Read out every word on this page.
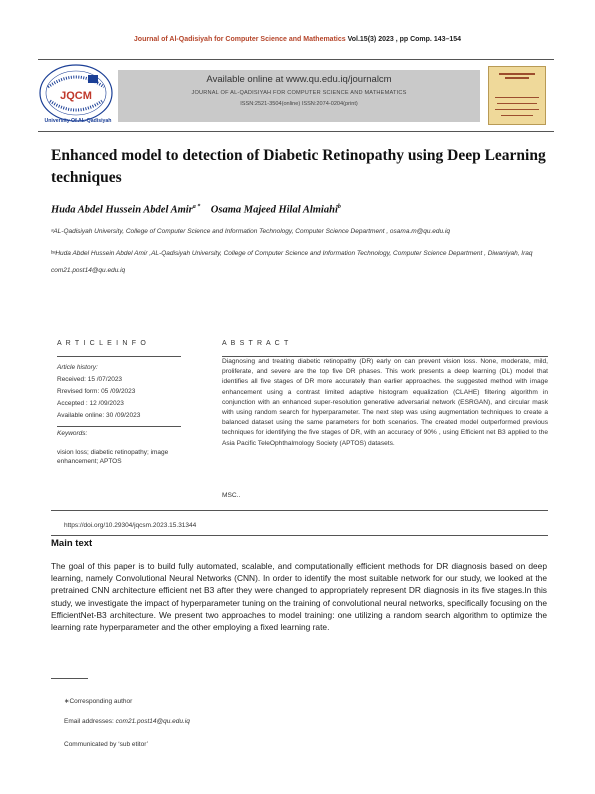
Journal of Al-Qadisiyah for Computer Science and Mathematics Vol.15(3) 2023 , pp Comp. 143–154
JQCM
University Of AL-Qadisiyah
Available online at www.qu.edu.iq/journalcm
JOURNAL OF AL-QADISIYAH FOR COMPUTER SCIENCE AND MATHEMATICS
ISSN:2521-3504(online) ISSN:2074-0204(print)
Enhanced model to detection of Diabetic Retinopathy using Deep Learning techniques
Huda Abdel Hussein Abdel Amir$^{a *}$ Osama Majeed Hilal Almiahi$^b$
ᵃAL-Qadisiyah University, College of Computer Science and Information Technology, Computer Science Department , osama.m@qu.edu.iq
ᵇᵃHuda Abdel Hussein Abdel Amir ,AL-Qadisiyah University, College of Computer Science and Information Technology, Computer Science Department , Diwaniyah, Iraq
com21.post14@qu.edu.iq
A R T I C L E I N F O	A B S T R A C T
Article history:
Received: 15 /07/2023
Rrevised form: 05 /09/2023
Accepted : 12 /09/2023
Available online: 30 /09/2023
Keywords:
vision loss; diabetic retinopathy; image enhancement; APTOS
Diagnosing and treating diabetic retinopathy (DR) early on can prevent vision loss. None, moderate, mild, proliferate, and severe are the top five DR phases. This work presents a deep learning (DL) model that identifies all five stages of DR more accurately than earlier approaches. the suggested method with image enhancement using a contrast limited adaptive histogram equalization (CLAHE) filtering algorithm in conjunction with an enhanced super-resolution generative adversarial network (ESRGAN), and circular mask with using random search for hyperparameter. The next step was using augmentation techniques to create a balanced dataset using the same parameters for both scenarios. The created model outperformed previous techniques for identifying the five stages of DR, with an accuracy of 90% , using Efficient net B3 applied to the Asia Pacific TeleOphthalmology Society (APTOS) datasets.
MSC..
https://doi.org/10.29304/jqcsm.2023.15.31344
Main text
The goal of this paper is to build fully automated, scalable, and computationally efficient methods for DR diagnosis based on deep learning, namely Convolutional Neural Networks (CNN). In order to identify the most suitable network for our study, we looked at the pretrained CNN architecture efficient net B3 after they were changed to appropriately represent DR diagnosis in its five stages.In this study, we investigate the impact of hyperparameter tuning on the training of convolutional neural networks, specifically focusing on the EfficientNet-B3 architecture. We present two approaches to model training: one utilizing a random search algorithm to optimize the learning rate hyperparameter and the other employing a fixed learning rate.
∗Corresponding author
Email addresses: com21.post14@qu.edu.iq
Communicated by ‘sub etitor’
